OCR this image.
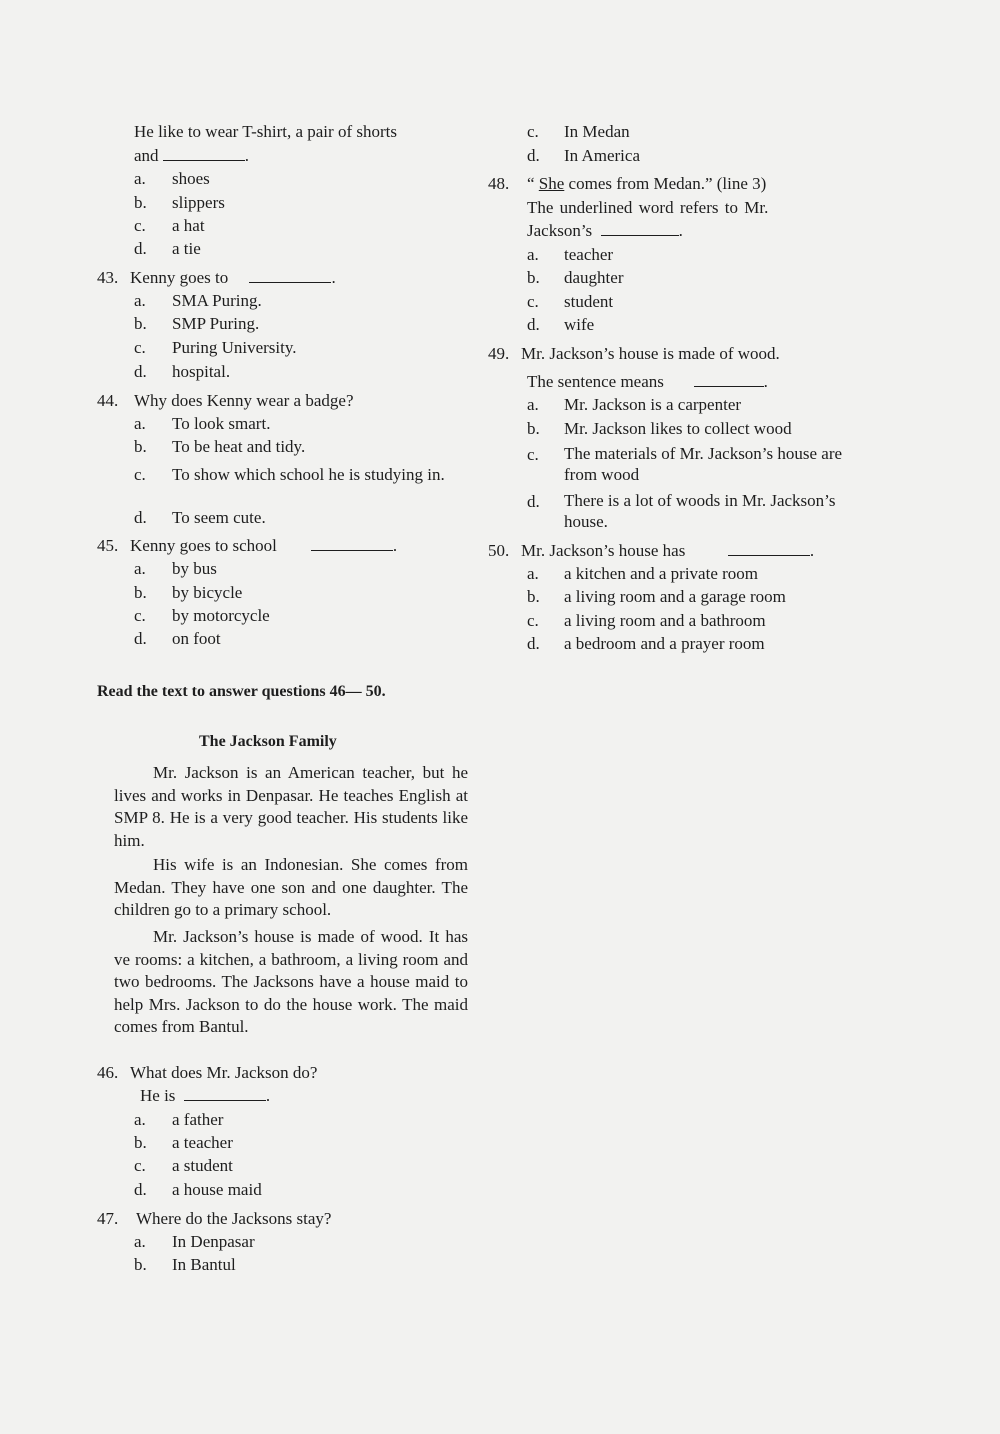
He like to wear T-shirt, a pair of shorts
and	.
a. shoes
b. slippers
c. a hat
d. a tie
43. Kenny goes to	.
a. SMA Puring.
b. SMP Puring.
c. Puring University.
d. hospital.
44. Why does Kenny wear a badge?
a. To look smart.
b. To be heat and tidy.
c. To show which school he is studying in.
d. To seem cute.
45. Kenny goes to school	.
a. by bus
b. by bicycle
c. by motorcycle
d. on foot
Read the text to answer questions 46— 50.
The Jackson Family
Mr. Jackson is an American teacher, but he lives and works in Denpasar. He teaches English at SMP 8. He is a very good teacher. His students like him.
His wife is an Indonesian. She comes from Medan. They have one son and one daughter. The children go to a primary school.
Mr. Jackson’s house is made of wood. It has ve rooms: a kitchen, a bathroom, a living room and two bedrooms. The Jacksons have a house maid to help Mrs. Jackson to do the house work. The maid comes from Bantul.
46. What does Mr. Jackson do?
He is	.
a. a father
b. a teacher
c. a student
d. a house maid
47. Where do the Jacksons stay?
a. In Denpasar
b. In Bantul
c. In Medan
d. In America
48. “ She comes from Medan.” (line 3)
The underlined word refers to Mr.
Jackson’s	.
a. teacher
b. daughter
c. student
d. wife
49. Mr. Jackson’s house is made of wood.
The sentence means	.
a. Mr. Jackson is a carpenter
b. Mr. Jackson likes to collect wood
c. The materials of Mr. Jackson’s house are from wood
d. There is a lot of woods in Mr. Jackson’s house.
50. Mr. Jackson’s house has	.
a. a kitchen and a private room
b. a living room and a garage room
c. a living room and a bathroom
d. a bedroom and a prayer room
